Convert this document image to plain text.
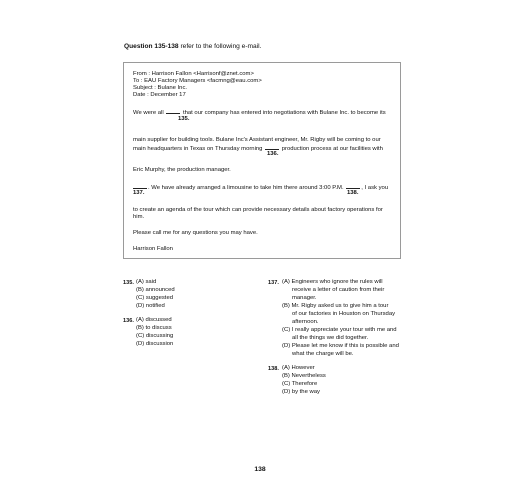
Question 135-138 refer to the following e-mail.
From : Harrison Fallon <Harrisonf@znet.com>
To : EAU Factory Managers <facmng@eau.com>
Subject : Bulane Inc.
Date : December 17
We were all	that our company has entered into negotiations with Bulane Inc. to become its
135.
main supplier for building tools. Bulane Inc's Assistant engineer, Mr. Rigby will be coming to our
main headquarters in Texas on Thursday morning	production process at our facilities with
136.
Eric Murphy, the production manager.
. We have already arranged a limousine to take him there around 3:00 P.M.	, I ask you
137.	138.
to create an agenda of the tour which can provide necessary details about factory operations for
him.
Please call me for any questions you may have.
Harrison Fallon
135. (A) said
(B) announced
(C) suggested
(D) notified
136. (A) discussed
(B) to discuss
(C) discussing
(D) discussion
137. (A) Engineers who ignore the rules will
receive a letter of caution from their
manager.
(B) Mr. Rigby asked us to give him a tour
of our factories in Houston on Thursday
afternoon.
(C) I really appreciate your tour with me and
all the things we did together.
(D) Please let me know if this is possible and
what the charge will be.
138. (A) However
(B) Nevertheless
(C) Therefore
(D) by the way
138
